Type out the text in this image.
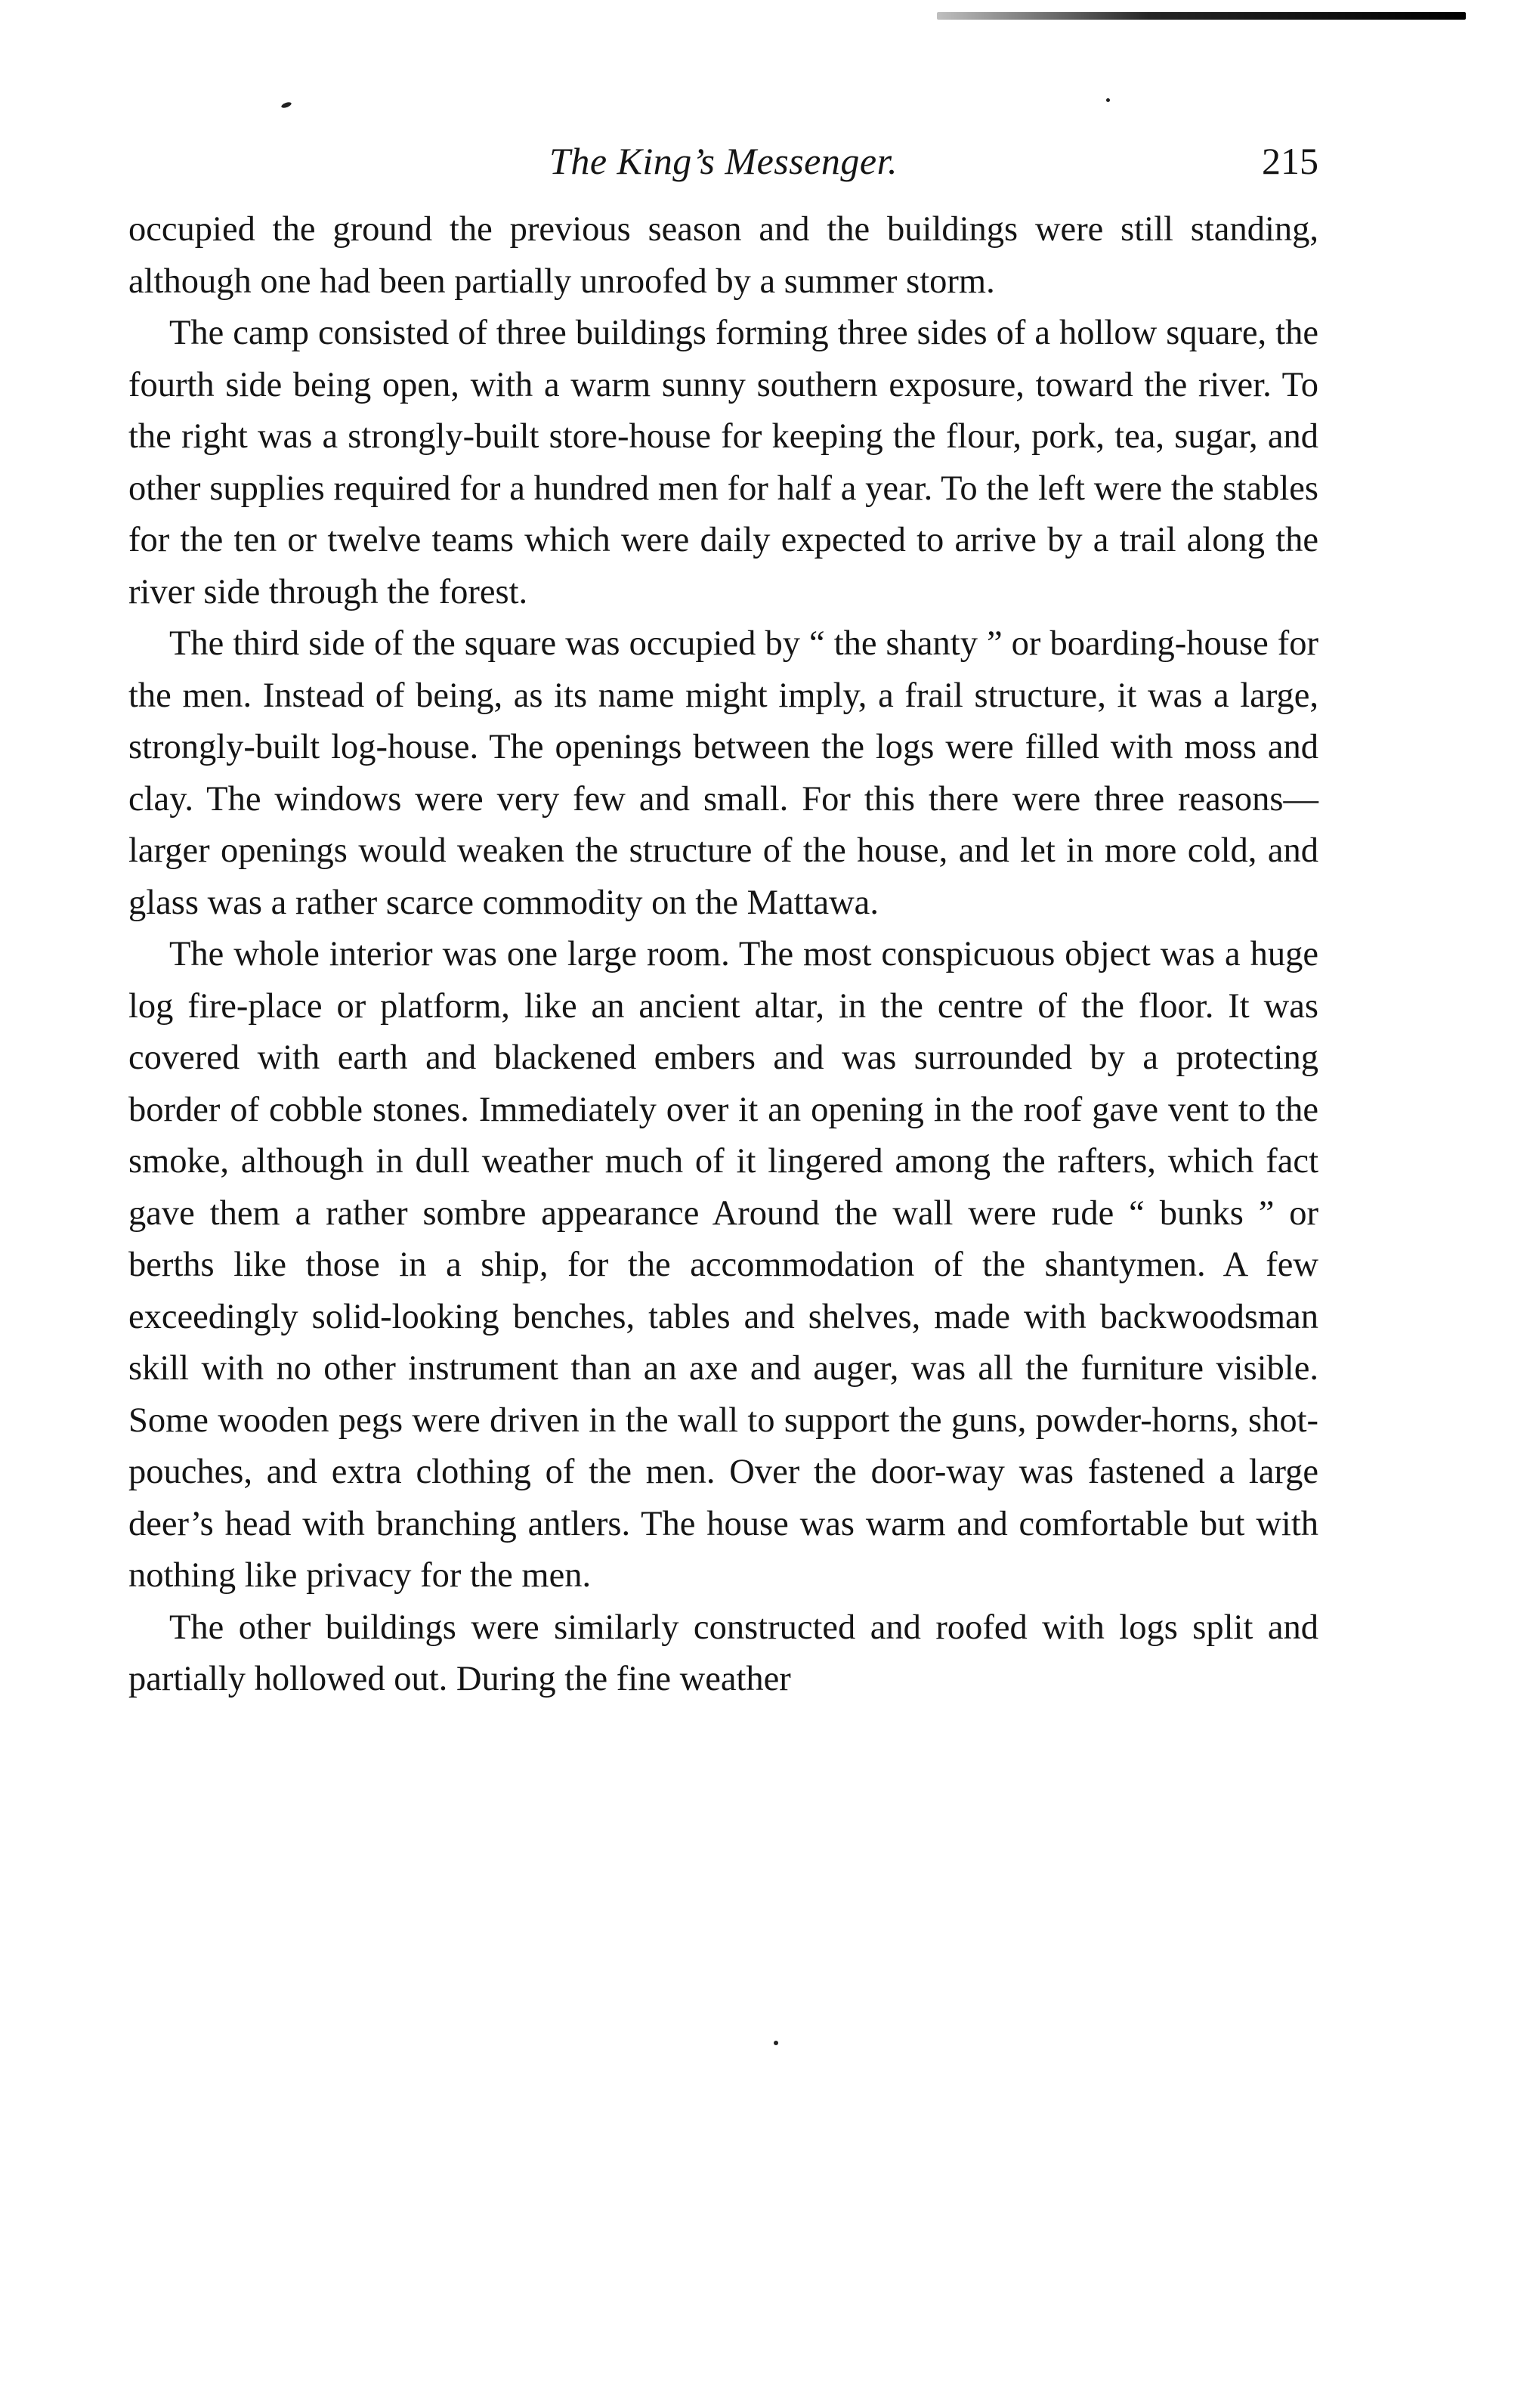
The King’s Messenger.	215

occupied the ground the previous season and the buildings were still standing, although one had been partially unroofed by a summer storm.

The camp consisted of three buildings forming three sides of a hollow square, the fourth side being open, with a warm sunny southern exposure, toward the river. To the right was a strongly-built store-house for keeping the flour, pork, tea, sugar, and other supplies required for a hundred men for half a year. To the left were the stables for the ten or twelve teams which were daily expected to arrive by a trail along the river side through the forest.

The third side of the square was occupied by “ the shanty ” or boarding-house for the men. Instead of being, as its name might imply, a frail structure, it was a large, strongly-built log-house. The openings between the logs were filled with moss and clay. The windows were very few and small. For this there were three reasons—larger openings would weaken the structure of the house, and let in more cold, and glass was a rather scarce commodity on the Mattawa.

The whole interior was one large room. The most conspicuous object was a huge log fire-place or platform, like an ancient altar, in the centre of the floor. It was covered with earth and blackened embers and was surrounded by a protecting border of cobble stones. Immediately over it an opening in the roof gave vent to the smoke, although in dull weather much of it lingered among the rafters, which fact gave them a rather sombre appearance Around the wall were rude “ bunks ” or berths like those in a ship, for the accommodation of the shantymen. A few exceedingly solid-looking benches, tables and shelves, made with backwoodsman skill with no other instrument than an axe and auger, was all the furniture visible. Some wooden pegs were driven in the wall to support the guns, powder-horns, shot-pouches, and extra clothing of the men. Over the door-way was fastened a large deer’s head with branching antlers. The house was warm and comfortable but with nothing like privacy for the men.

The other buildings were similarly constructed and roofed with logs split and partially hollowed out. During the fine weather
